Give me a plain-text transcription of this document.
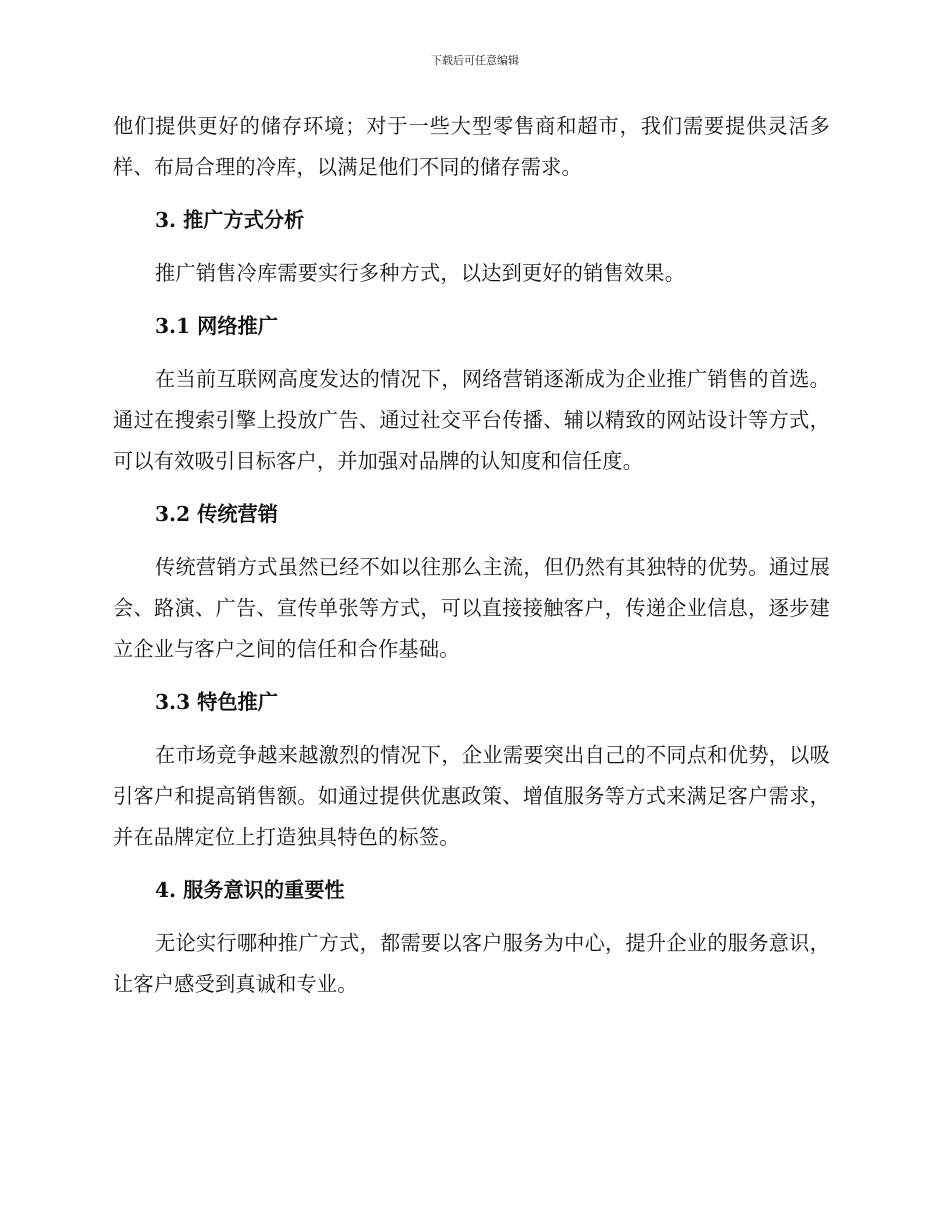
下载后可任意编辑

他们提供更好的储存环境；对于一些大型零售商和超市，我们需要提供灵活多样、布局合理的冷库，以满足他们不同的储存需求。

3. 推广方式分析

推广销售冷库需要实行多种方式，以达到更好的销售效果。

3.1 网络推广

在当前互联网高度发达的情况下，网络营销逐渐成为企业推广销售的首选。通过在搜索引擎上投放广告、通过社交平台传播、辅以精致的网站设计等方式，可以有效吸引目标客户，并加强对品牌的认知度和信任度。

3.2 传统营销

传统营销方式虽然已经不如以往那么主流，但仍然有其独特的优势。通过展会、路演、广告、宣传单张等方式，可以直接接触客户，传递企业信息，逐步建立企业与客户之间的信任和合作基础。

3.3 特色推广

在市场竞争越来越激烈的情况下，企业需要突出自己的不同点和优势，以吸引客户和提高销售额。如通过提供优惠政策、增值服务等方式来满足客户需求，并在品牌定位上打造独具特色的标签。

4. 服务意识的重要性

无论实行哪种推广方式，都需要以客户服务为中心，提升企业的服务意识，让客户感受到真诚和专业。
